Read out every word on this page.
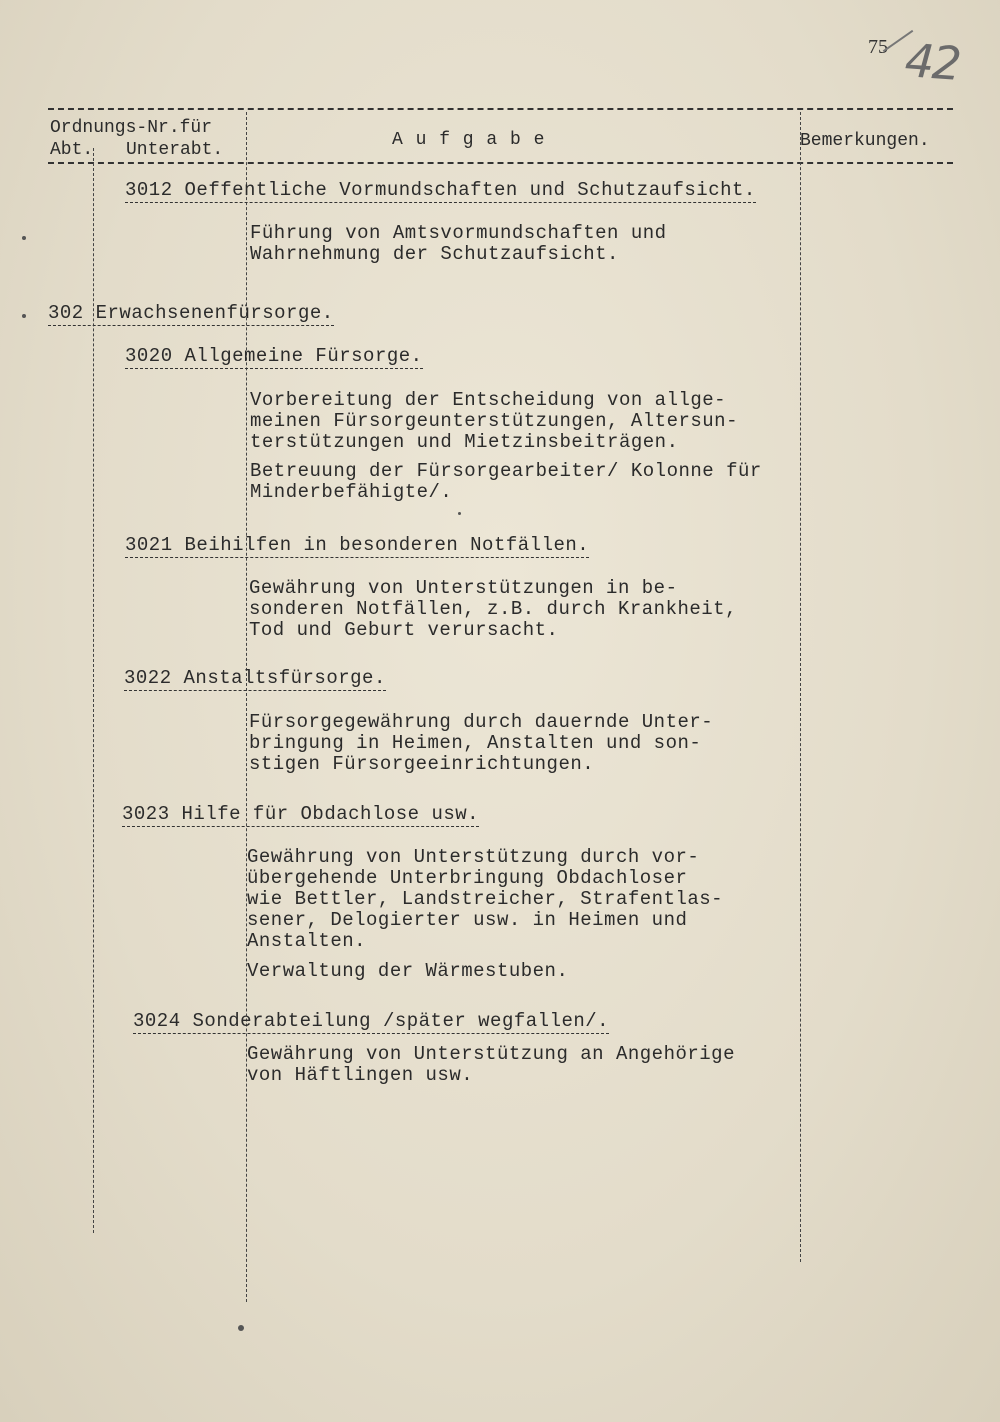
75 42
Ordnungs-Nr.für
Abt. Unterabt.	A u f g a b e	Bemerkungen.
3012 Oeffentliche Vormundschaften und Schutzaufsicht.
Führung von Amtsvormundschaften und
Wahrnehmung der Schutzaufsicht.
302 Erwachsenenfürsorge.
3020 Allgemeine Fürsorge.
Vorbereitung der Entscheidung von allge-
meinen Fürsorgeunterstützungen, Altersun-
terstützungen und Mietzinsbeiträgen.
Betreuung der Fürsorgearbeiter/ Kolonne für
Minderbefähigte/.
3021 Beihilfen in besonderen Notfällen.
Gewährung von Unterstützungen in be-
sonderen Notfällen, z.B. durch Krankheit,
Tod und Geburt verursacht.
3022 Anstaltsfürsorge.
Fürsorgegewährung durch dauernde Unter-
bringung in Heimen, Anstalten und son-
stigen Fürsorgeeinrichtungen.
3023 Hilfe für Obdachlose usw.
Gewährung von Unterstützung durch vor-
übergehende Unterbringung Obdachloser
wie Bettler, Landstreicher, Strafentlas-
sener, Delogierter usw. in Heimen und
Anstalten.
Verwaltung der Wärmestuben.
3024 Sonderabteilung /später wegfallen/.
Gewährung von Unterstützung an Angehörige
von Häftlingen usw.
